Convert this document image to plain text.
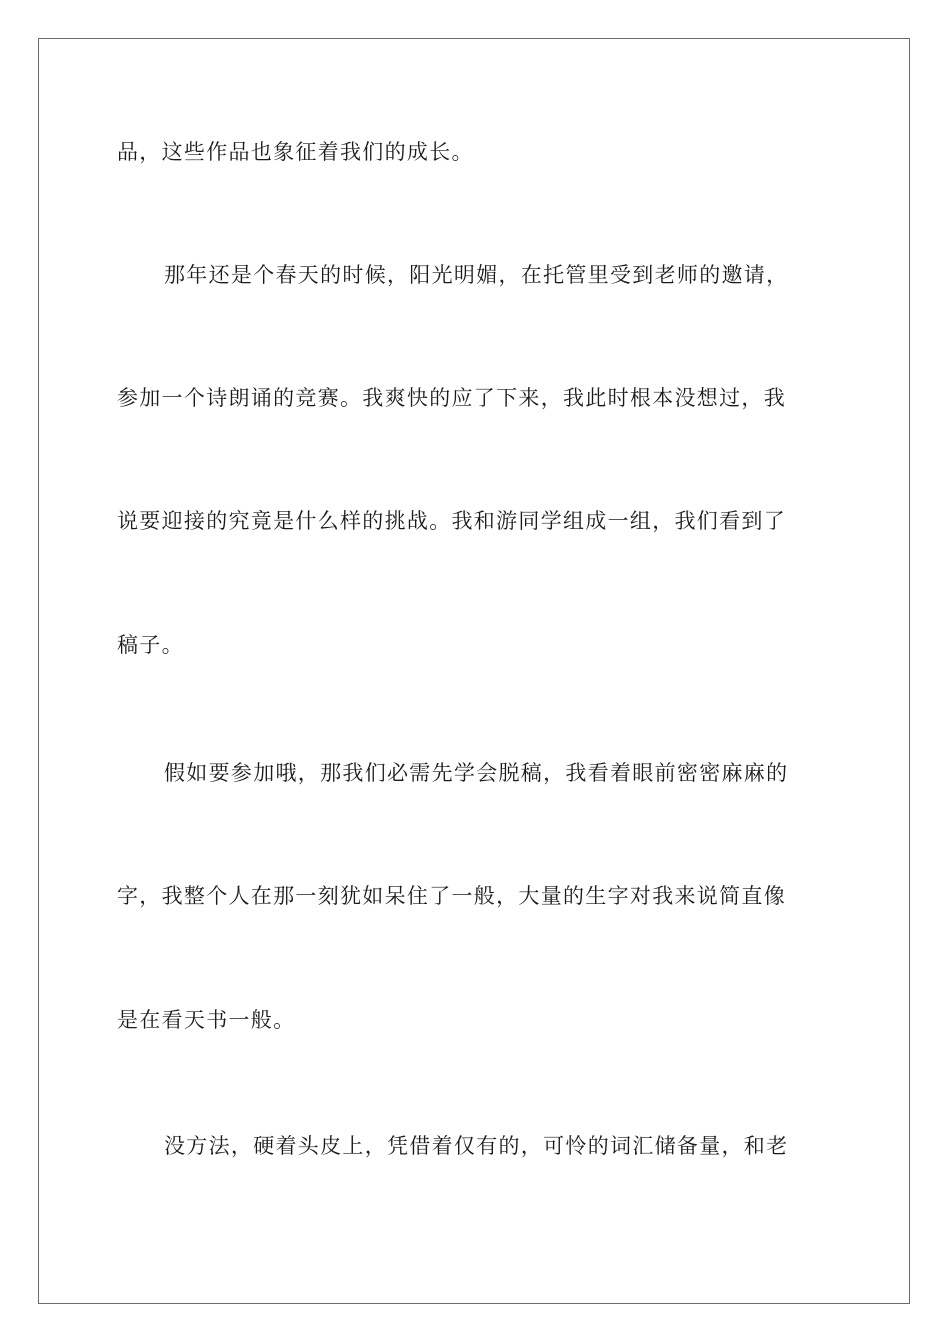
品，这些作品也象征着我们的成长。
那年还是个春天的时候，阳光明媚，在托管里受到老师的邀请，
参加一个诗朗诵的竞赛。我爽快的应了下来，我此时根本没想过，我
说要迎接的究竟是什么样的挑战。我和游同学组成一组，我们看到了
稿子。
假如要参加哦，那我们必需先学会脱稿，我看着眼前密密麻麻的
字，我整个人在那一刻犹如呆住了一般，大量的生字对我来说简直像
是在看天书一般。
没方法，硬着头皮上，凭借着仅有的，可怜的词汇储备量，和老
